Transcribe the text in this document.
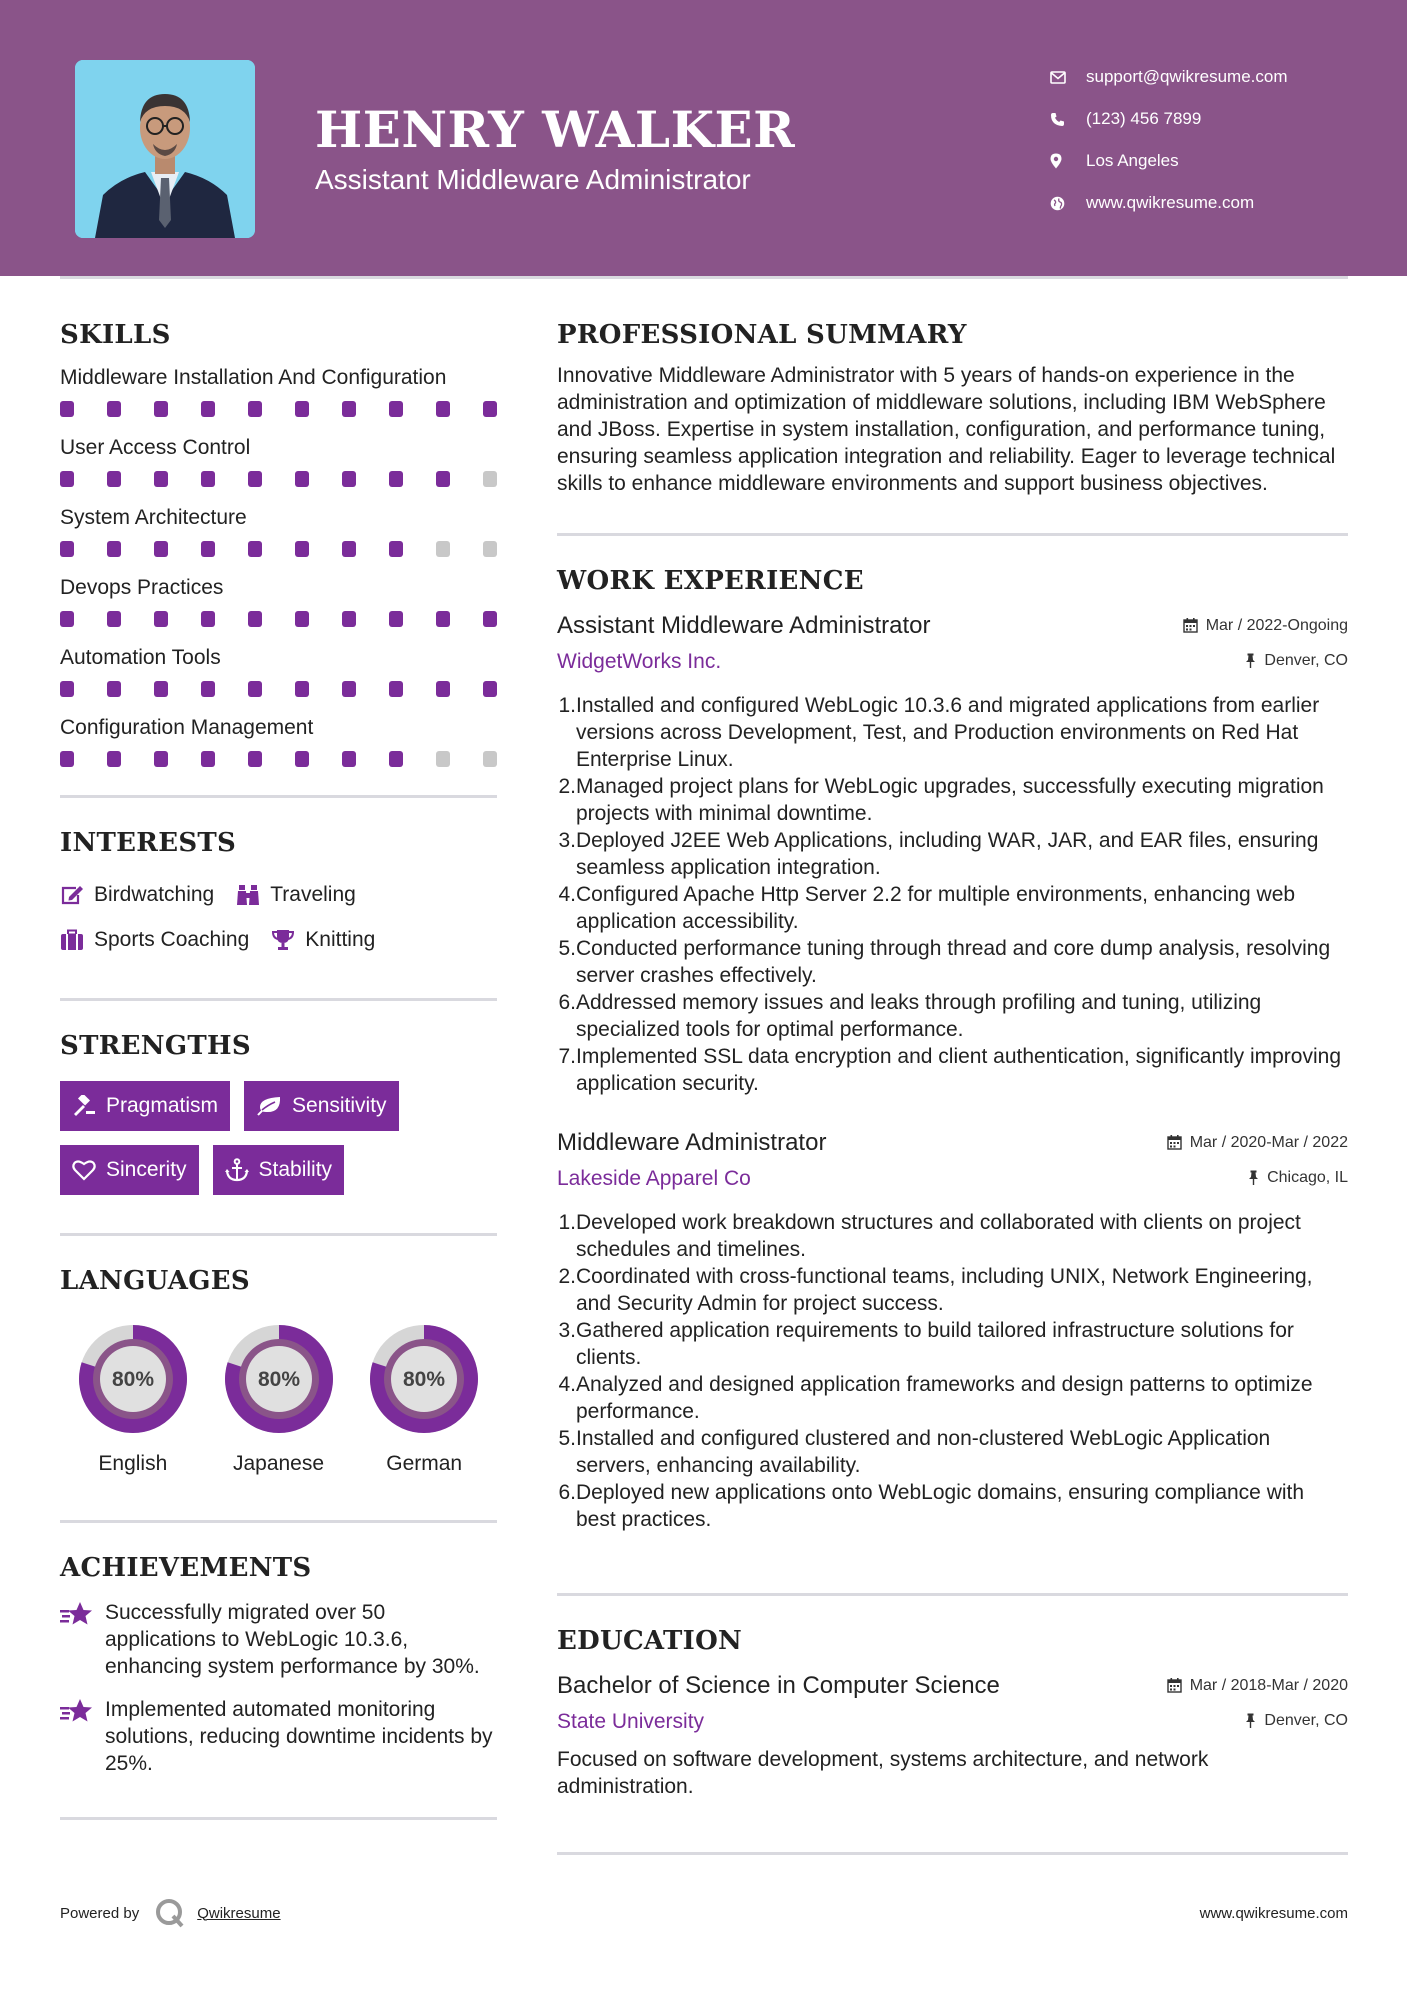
HENRY WALKER
Assistant Middleware Administrator
support@qwikresume.com
(123) 456 7899
Los Angeles
www.qwikresume.com
SKILLS
Middleware Installation And Configuration
User Access Control
System Architecture
Devops Practices
Automation Tools
Configuration Management
INTERESTS
Birdwatching	Traveling
Sports Coaching	Knitting
STRENGTHS
Pragmatism	Sensitivity
Sincerity	Stability
LANGUAGES
80%
English
80%
Japanese
80%
German
ACHIEVEMENTS
Successfully migrated over 50 applications to WebLogic 10.3.6, enhancing system performance by 30%.
Implemented automated monitoring solutions, reducing downtime incidents by 25%.
PROFESSIONAL SUMMARY
Innovative Middleware Administrator with 5 years of hands-on experience in the administration and optimization of middleware solutions, including IBM WebSphere and JBoss. Expertise in system installation, configuration, and performance tuning, ensuring seamless application integration and reliability. Eager to leverage technical skills to enhance middleware environments and support business objectives.
WORK EXPERIENCE
Assistant Middleware Administrator	Mar / 2022-Ongoing
WidgetWorks Inc.	Denver, CO
1. Installed and configured WebLogic 10.3.6 and migrated applications from earlier versions across Development, Test, and Production environments on Red Hat Enterprise Linux.
2. Managed project plans for WebLogic upgrades, successfully executing migration projects with minimal downtime.
3. Deployed J2EE Web Applications, including WAR, JAR, and EAR files, ensuring seamless application integration.
4. Configured Apache Http Server 2.2 for multiple environments, enhancing web application accessibility.
5. Conducted performance tuning through thread and core dump analysis, resolving server crashes effectively.
6. Addressed memory issues and leaks through profiling and tuning, utilizing specialized tools for optimal performance.
7. Implemented SSL data encryption and client authentication, significantly improving application security.
Middleware Administrator	Mar / 2020-Mar / 2022
Lakeside Apparel Co	Chicago, IL
1. Developed work breakdown structures and collaborated with clients on project schedules and timelines.
2. Coordinated with cross-functional teams, including UNIX, Network Engineering, and Security Admin for project success.
3. Gathered application requirements to build tailored infrastructure solutions for clients.
4. Analyzed and designed application frameworks and design patterns to optimize performance.
5. Installed and configured clustered and non-clustered WebLogic Application servers, enhancing availability.
6. Deployed new applications onto WebLogic domains, ensuring compliance with best practices.
EDUCATION
Bachelor of Science in Computer Science	Mar / 2018-Mar / 2020
State University	Denver, CO
Focused on software development, systems architecture, and network administration.
Powered by	Qwikresume	www.qwikresume.com
